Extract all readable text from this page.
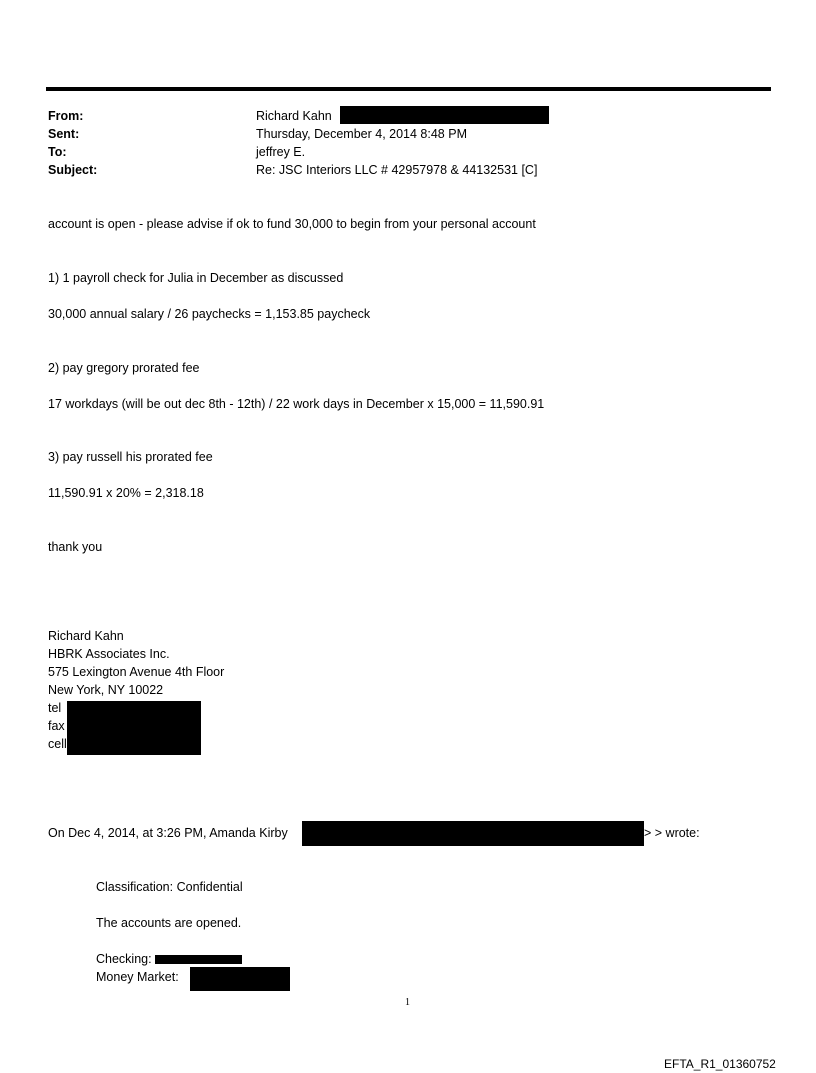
From:
Sent:
To:
Subject:
Richard Kahn
Thursday, December 4, 2014 8:48 PM
jeffrey E.
Re: JSC Interiors LLC # 42957978 & 44132531 [C]
account is open - please advise if ok to fund 30,000 to begin from your personal account
1) 1 payroll check for Julia in December as discussed
30,000 annual salary / 26 paychecks = 1,153.85 paycheck
2) pay gregory prorated fee
17 workdays (will be out dec 8th - 12th) / 22 work days in December x 15,000 = 11,590.91
3) pay russell his prorated fee
11,590.91 x 20% = 2,318.18
thank you
Richard Kahn
HBRK Associates Inc.
575 Lexington Avenue 4th Floor
New York, NY 10022
tel
fax
cell
On Dec 4, 2014, at 3:26 PM, Amanda Kirby	> > wrote:
Classification: Confidential
The accounts are opened.
Checking:
Money Market:
1
EFTA_R1_01360752
